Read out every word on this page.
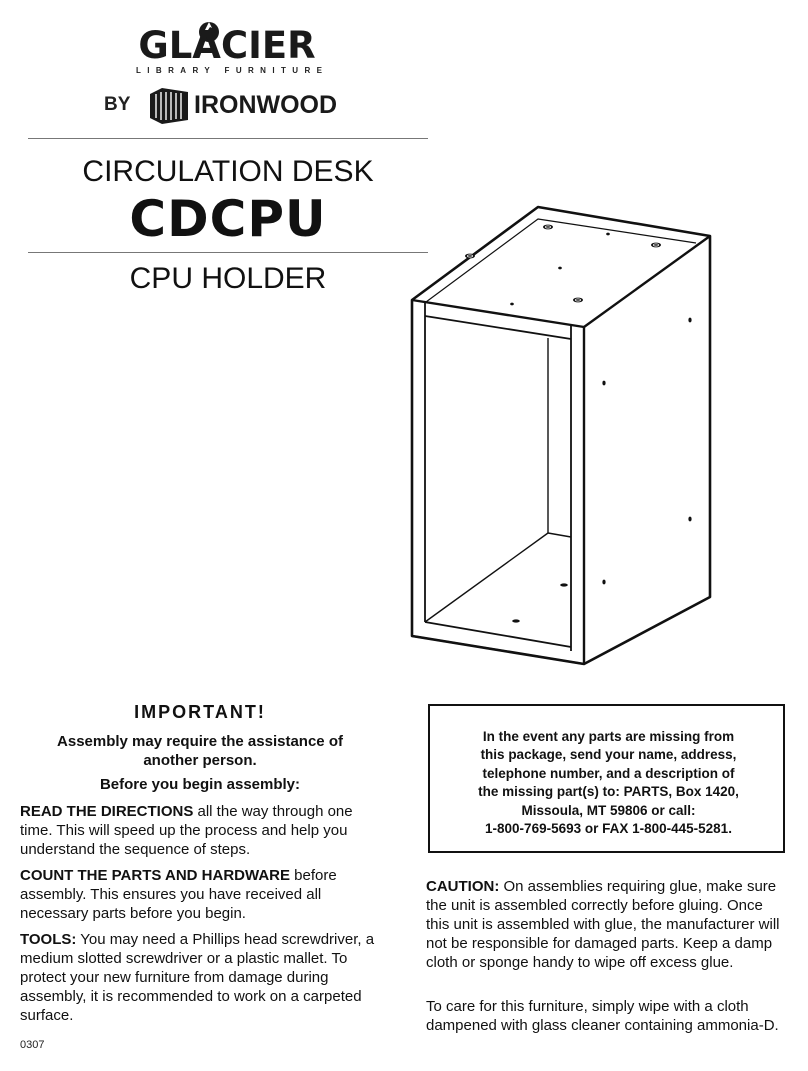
GLACIER
LIBRARY FURNITURE
BY	IRONWOOD
CIRCULATION DESK
CDCPU
CPU HOLDER
IMPORTANT!
Assembly may require the assistance of another person.
Before you begin assembly:
READ THE DIRECTIONS all the way through one time. This will speed up the process and help you understand the sequence of steps.
COUNT THE PARTS AND HARDWARE before assembly. This ensures you have received all necessary parts before you begin.
TOOLS: You may need a Phillips head screwdriver, a medium slotted screwdriver or a plastic mallet. To protect your new furniture from damage during assembly, it is recommended to work on a carpeted surface.
0307
In the event any parts are missing from
this package, send your name, address,
telephone number, and a description of
the missing part(s) to: PARTS, Box 1420,
Missoula, MT 59806 or call:
1-800-769-5693 or FAX 1-800-445-5281.
CAUTION: On assemblies requiring glue, make sure the unit is assembled correctly before gluing. Once this unit is assembled with glue, the manufacturer will not be responsible for damaged parts. Keep a damp cloth or sponge handy to wipe off excess glue.
To care for this furniture, simply wipe with a cloth dampened with glass cleaner containing ammonia-D.
